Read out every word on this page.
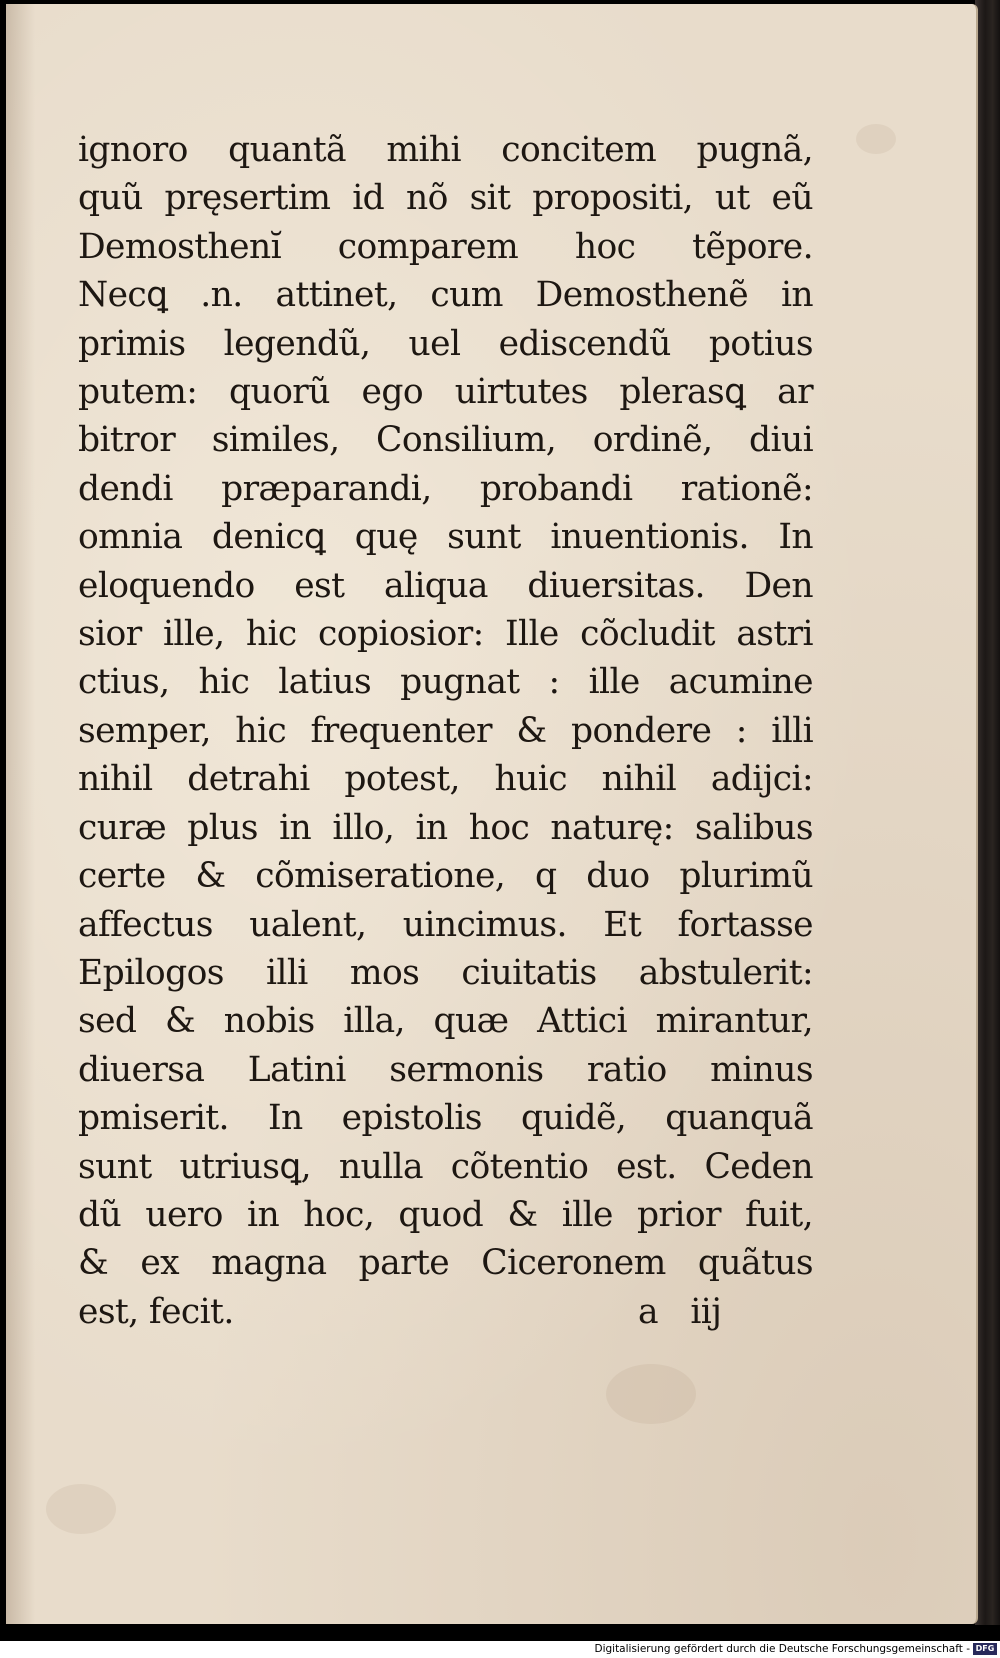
ignoro quantã mihi concitem pugnã,
quũ pręsertim id nõ sit propositi, ut eũ
Demosthenĭ comparem hoc tẽpore.
Necꝗ .n. attinet, cum Demosthenẽ in
primis legendũ, uel ediscendũ potius
putem: quorũ ego uirtutes plerasꝗ ar
bitror similes, Consilium, ordinẽ, diui
dendi præparandi, probandi rationẽ:
omnia denicꝗ quę sunt inuentionis. In
eloquendo est aliqua diuersitas. Den
sior ille, hic copiosior: Ille cõcludit astri
ctius, hic latius pugnat : ille acumine
semper, hic frequenter & pondere : illi
nihil detrahi potest, huic nihil adijci:
curæ plus in illo, in hoc naturę: salibus
certe & cõmiseratione, q duo plurimũ
affectus ualent, uincimus. Et fortasse
Epilogos illi mos ciuitatis abstulerit:
sed & nobis illa, quæ Attici mirantur,
diuersa Latini sermonis ratio minus
pmiserit. In epistolis quidẽ, quanquã
sunt utriusꝗ, nulla cõtentio est. Ceden
dũ uero in hoc, quod & ille prior fuit,
& ex magna parte Ciceronem quãtus
est, fecit.	a iij
Digitalisierung gefördert durch die Deutsche Forschungsgemeinschaft - DFG
